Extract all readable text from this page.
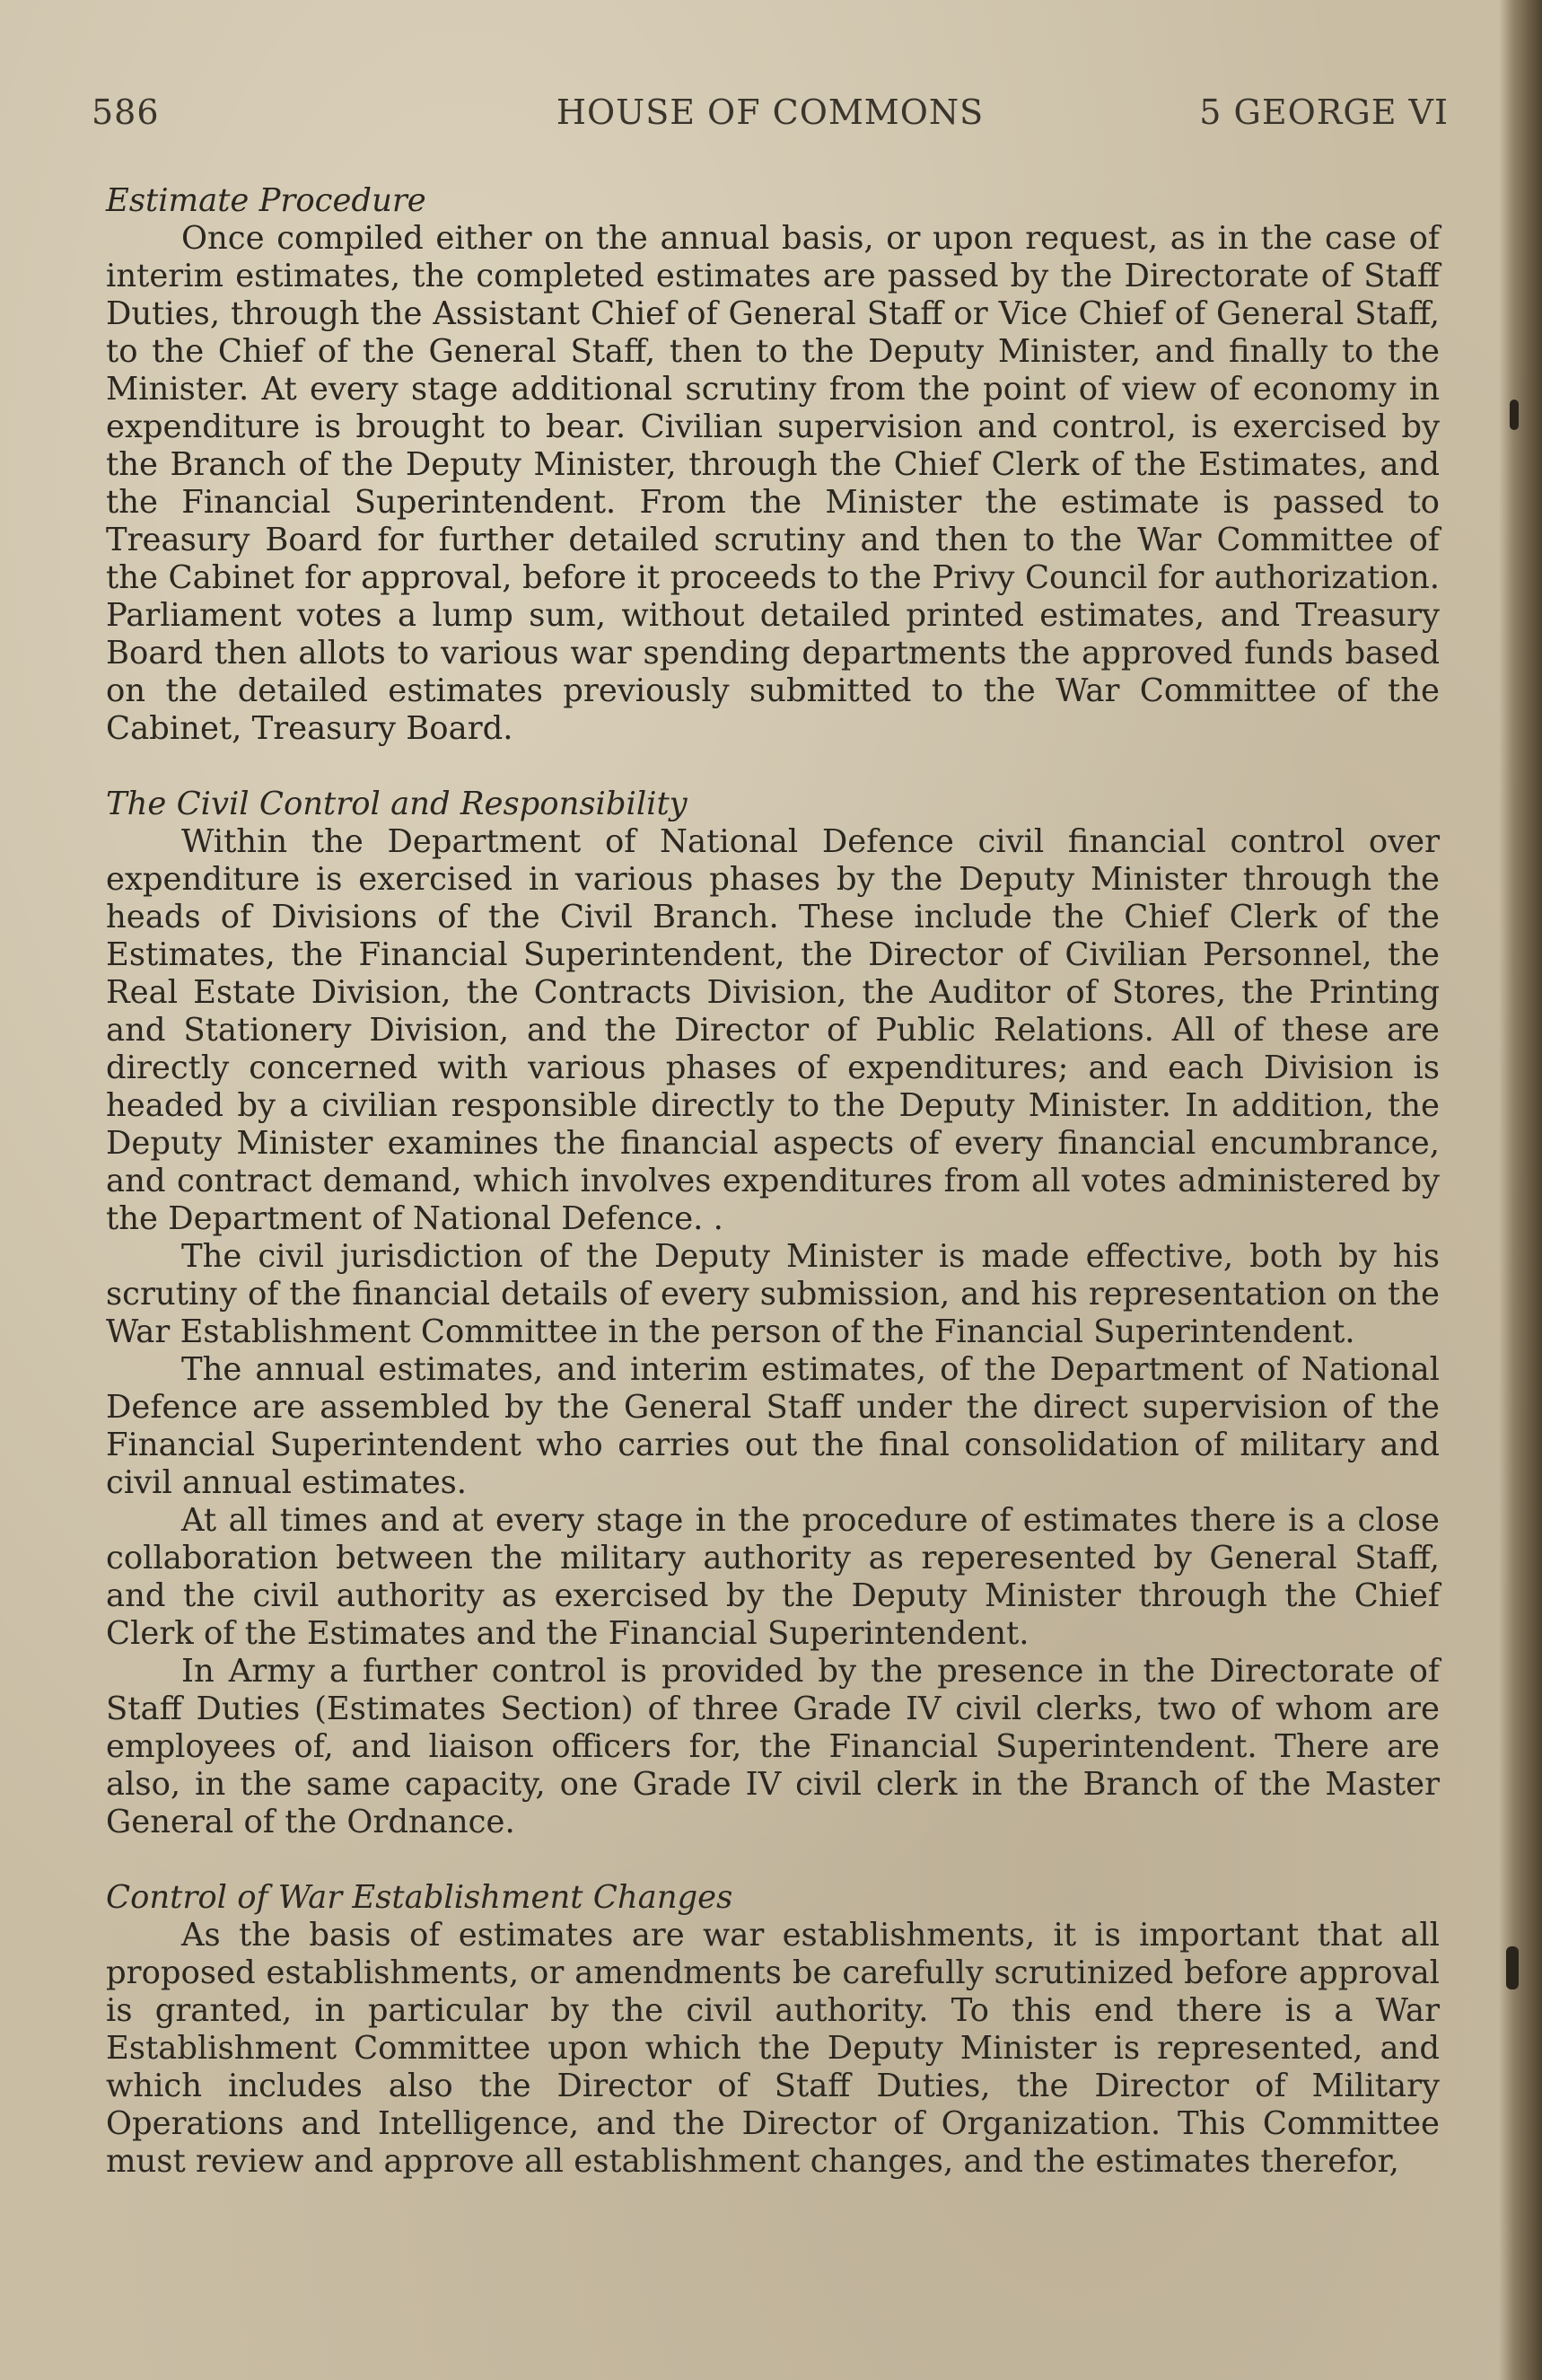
HOUSE OF COMMONS
586	5 GEORGE VI

Estimate Procedure

Once compiled either on the annual basis, or upon request, as in the case of interim estimates, the completed estimates are passed by the Directorate of Staff Duties, through the Assistant Chief of General Staff or Vice Chief of General Staff, to the Chief of the General Staff, then to the Deputy Minister, and finally to the Minister. At every stage additional scrutiny from the point of view of economy in expenditure is brought to bear. Civilian supervision and control, is exercised by the Branch of the Deputy Minister, through the Chief Clerk of the Estimates, and the Financial Superintendent. From the Minister the estimate is passed to Treasury Board for further detailed scrutiny and then to the War Committee of the Cabinet for approval, before it proceeds to the Privy Council for authorization. Parliament votes a lump sum, without detailed printed estimates, and Treasury Board then allots to various war spending departments the approved funds based on the detailed estimates previously submitted to the War Committee of the Cabinet, Treasury Board.

The Civil Control and Responsibility

Within the Department of National Defence civil financial control over expenditure is exercised in various phases by the Deputy Minister through the heads of Divisions of the Civil Branch. These include the Chief Clerk of the Estimates, the Financial Superintendent, the Director of Civilian Personnel, the Real Estate Division, the Contracts Division, the Auditor of Stores, the Printing and Stationery Division, and the Director of Public Relations. All of these are directly concerned with various phases of expenditures; and each Division is headed by a civilian responsible directly to the Deputy Minister. In addition, the Deputy Minister examines the financial aspects of every financial encumbrance, and contract demand, which involves expenditures from all votes administered by the Department of National Defence. .

The civil jurisdiction of the Deputy Minister is made effective, both by his scrutiny of the financial details of every submission, and his representation on the War Establishment Committee in the person of the Financial Superintendent.

The annual estimates, and interim estimates, of the Department of National Defence are assembled by the General Staff under the direct supervision of the Financial Superintendent who carries out the final consolidation of military and civil annual estimates.

At all times and at every stage in the procedure of estimates there is a close collaboration between the military authority as reperesented by General Staff, and the civil authority as exercised by the Deputy Minister through the Chief Clerk of the Estimates and the Financial Superintendent.

In Army a further control is provided by the presence in the Directorate of Staff Duties (Estimates Section) of three Grade IV civil clerks, two of whom are employees of, and liaison officers for, the Financial Superintendent. There are also, in the same capacity, one Grade IV civil clerk in the Branch of the Master General of the Ordnance.

Control of War Establishment Changes

As the basis of estimates are war establishments, it is important that all proposed establishments, or amendments be carefully scrutinized before approval is granted, in particular by the civil authority. To this end there is a War Establishment Committee upon which the Deputy Minister is represented, and which includes also the Director of Staff Duties, the Director of Military Operations and Intelligence, and the Director of Organization. This Committee must review and approve all establishment changes, and the estimates therefor,
